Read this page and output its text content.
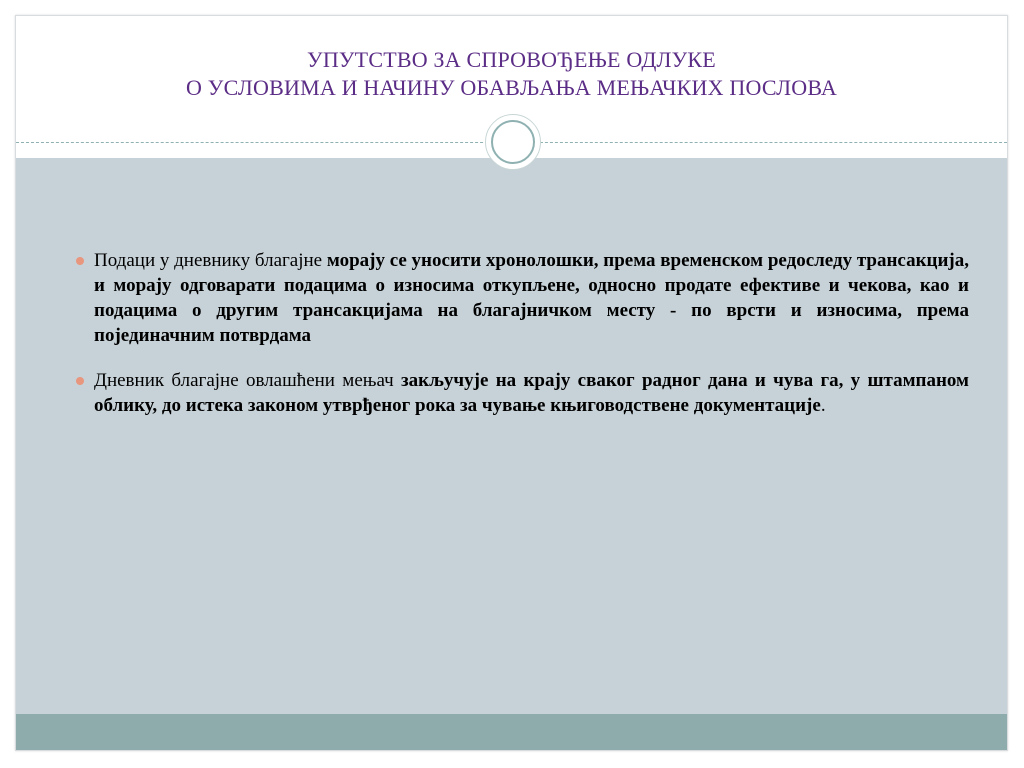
УПУТСТВО ЗА СПРОВОЂЕЊЕ ОДЛУКЕ
О УСЛОВИМА И НАЧИНУ ОБАВЉАЊА МЕЊАЧКИХ ПОСЛОВА
Подаци у дневнику благајне морају се уносити хронолошки, према временском редоследу трансакција, и морају одговарати подацима о износима откупљене, односно продате ефективе и чекова, као и подацима о другим трансакцијама на благајничком месту - по врсти и износима, према појединачним потврдама
Дневник благајне овлашћени мењач закључује на крају сваког радног дана и чува га, у штампаном облику, до истека законом утврђеног рока за чување књиговодствене документације.
